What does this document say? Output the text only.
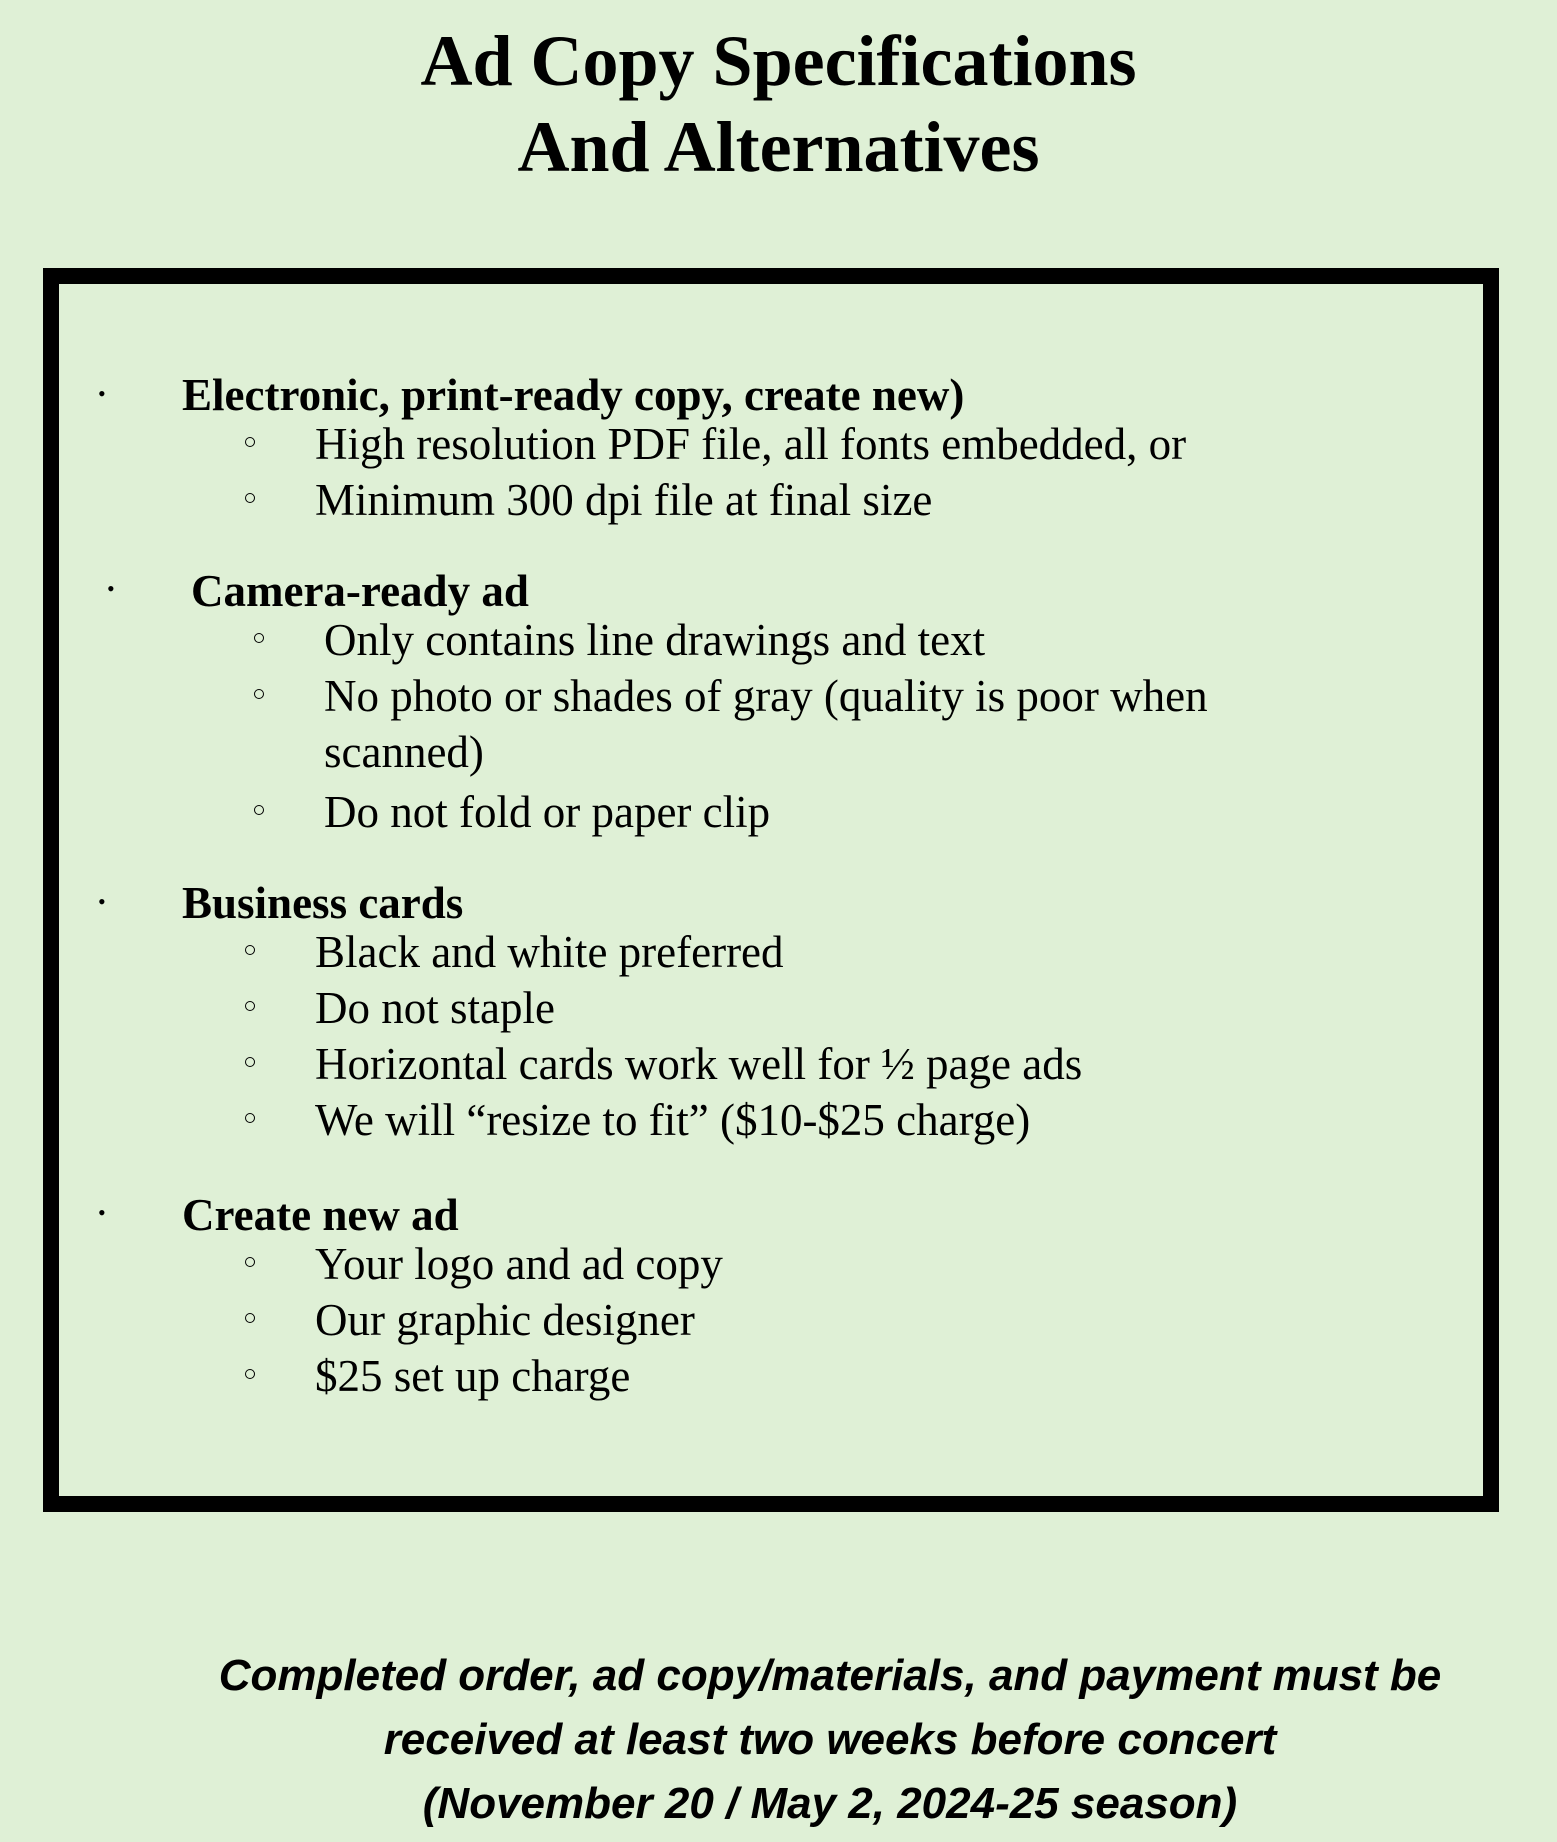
Ad Copy Specifications
And Alternatives
• Electronic, print-ready copy, create new)
High resolution PDF file, all fonts embedded, or
Minimum 300 dpi file at final size
• Camera-ready ad
Only contains line drawings and text
No photo or shades of gray (quality is poor when scanned)
Do not fold or paper clip
• Business cards
Black and white preferred
Do not staple
Horizontal cards work well for ½ page ads
We will “resize to fit” ($10-$25 charge)
• Create new ad
Your logo and ad copy
Our graphic designer
$25 set up charge
Completed order, ad copy/materials, and payment must be
received at least two weeks before concert
(November 20 / May 2, 2024-25 season)
